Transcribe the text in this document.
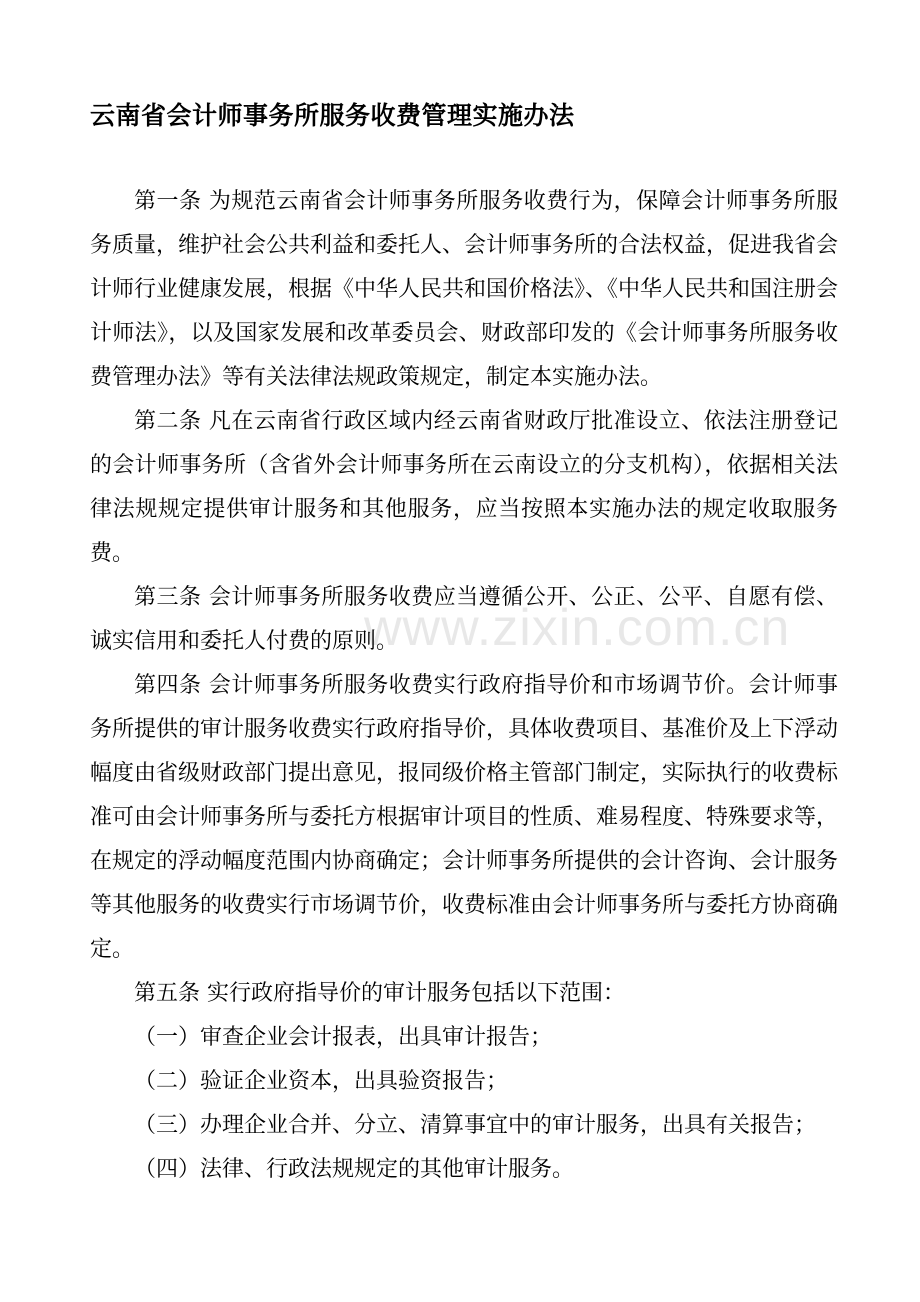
云南省会计师事务所服务收费管理实施办法

第一条 为规范云南省会计师事务所服务收费行为，保障会计师事务所服务质量，维护社会公共利益和委托人、会计师事务所的合法权益，促进我省会计师行业健康发展，根据《中华人民共和国价格法》、《中华人民共和国注册会计师法》，以及国家发展和改革委员会、财政部印发的《会计师事务所服务收费管理办法》等有关法律法规政策规定，制定本实施办法。

第二条 凡在云南省行政区域内经云南省财政厅批准设立、依法注册登记的会计师事务所（含省外会计师事务所在云南设立的分支机构），依据相关法律法规规定提供审计服务和其他服务，应当按照本实施办法的规定收取服务费。

第三条 会计师事务所服务收费应当遵循公开、公正、公平、自愿有偿、诚实信用和委托人付费的原则。

第四条 会计师事务所服务收费实行政府指导价和市场调节价。会计师事务所提供的审计服务收费实行政府指导价，具体收费项目、基准价及上下浮动幅度由省级财政部门提出意见，报同级价格主管部门制定，实际执行的收费标准可由会计师事务所与委托方根据审计项目的性质、难易程度、特殊要求等，在规定的浮动幅度范围内协商确定；会计师事务所提供的会计咨询、会计服务等其他服务的收费实行市场调节价，收费标准由会计师事务所与委托方协商确定。

第五条 实行政府指导价的审计服务包括以下范围：

（一）审查企业会计报表，出具审计报告；

（二）验证企业资本，出具验资报告；

（三）办理企业合并、分立、清算事宜中的审计服务，出具有关报告；

（四）法律、行政法规规定的其他审计服务。

www.zixin.com.cn
